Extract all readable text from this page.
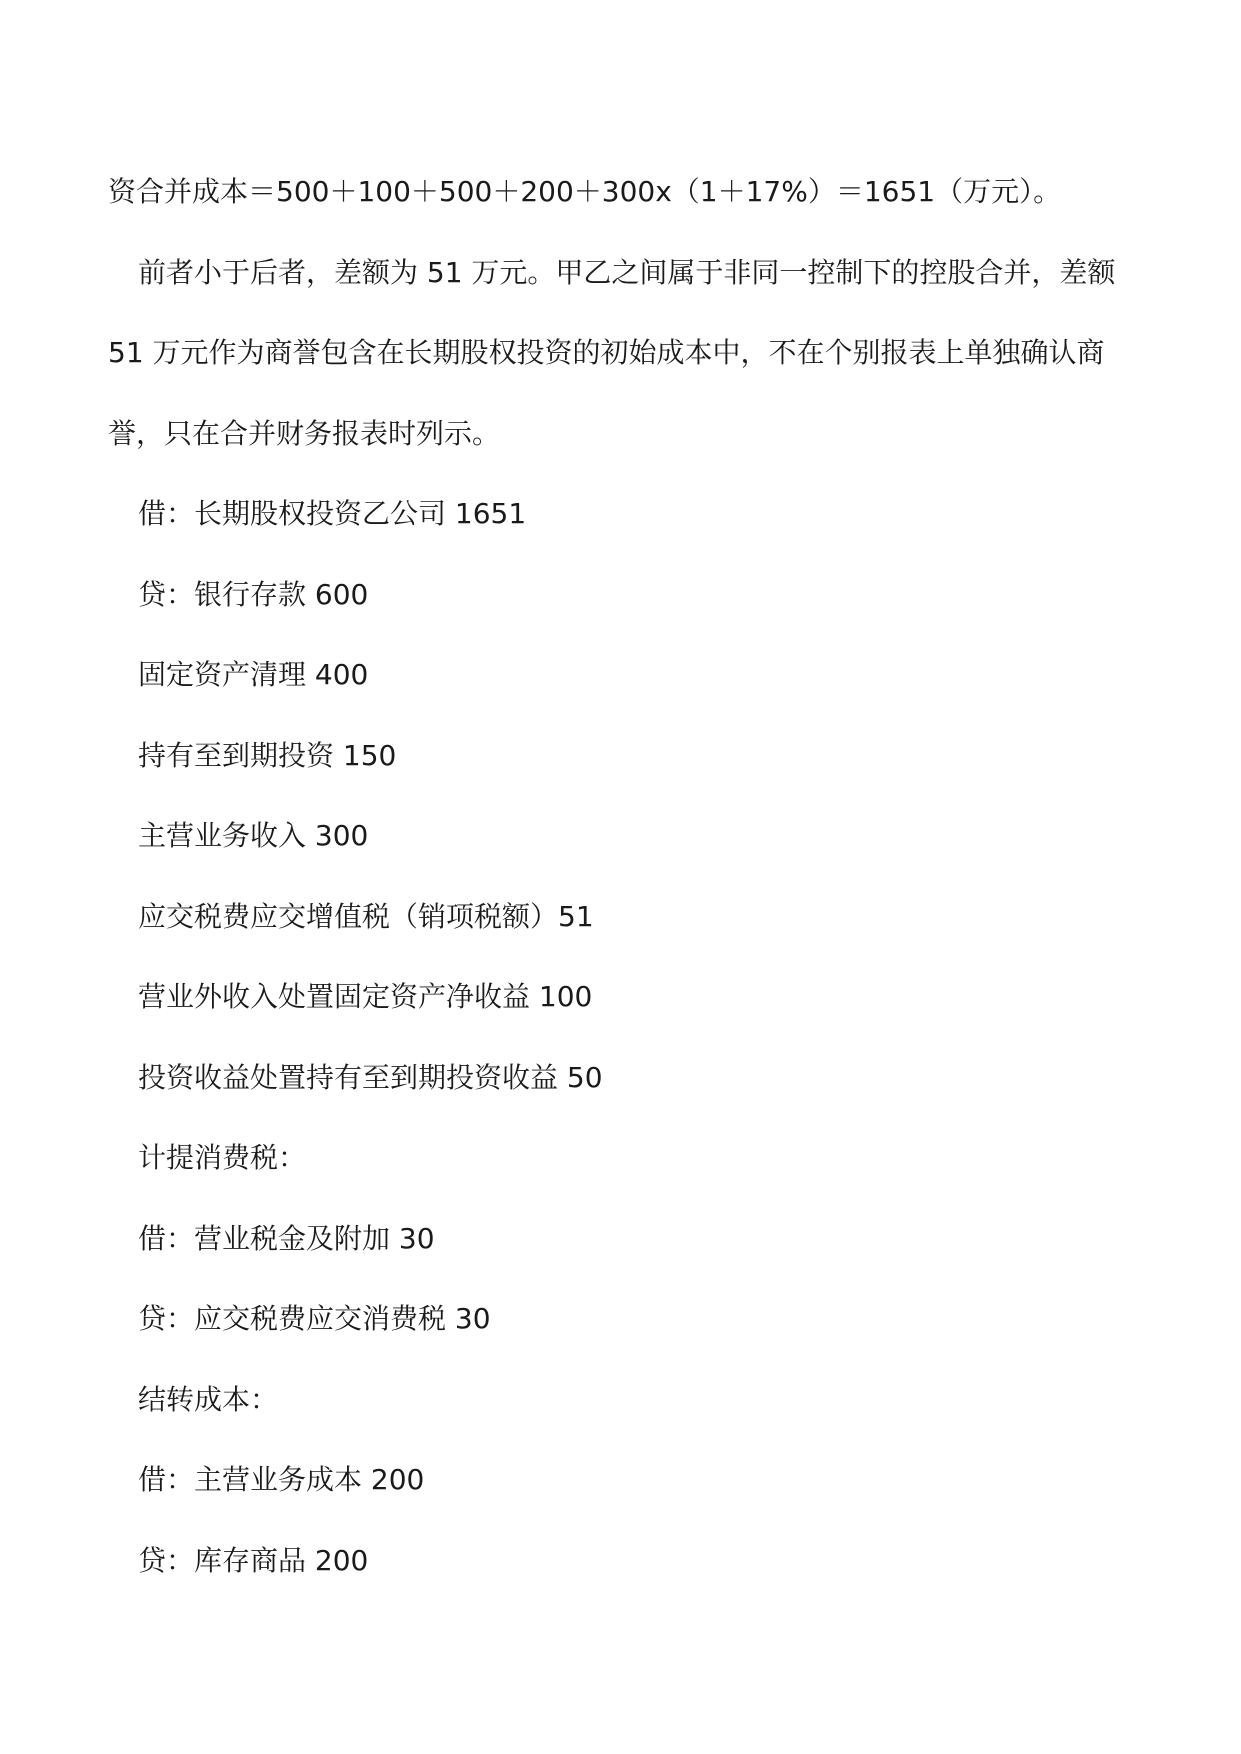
资合并成本＝500＋100＋500＋200＋300x（1＋17%）＝1651（万元）。
前者小于后者，差额为 51 万元。甲乙之间属于非同一控制下的控股合并，差额
51 万元作为商誉包含在长期股权投资的初始成本中，不在个别报表上单独确认商
誉，只在合并财务报表时列示。
借：长期股权投资乙公司 1651
贷：银行存款 600
固定资产清理 400
持有至到期投资 150
主营业务收入 300
应交税费应交增值税（销项税额）51
营业外收入处置固定资产净收益 100
投资收益处置持有至到期投资收益 50
计提消费税：
借：营业税金及附加 30
贷：应交税费应交消费税 30
结转成本：
借：主营业务成本 200
贷：库存商品 200
